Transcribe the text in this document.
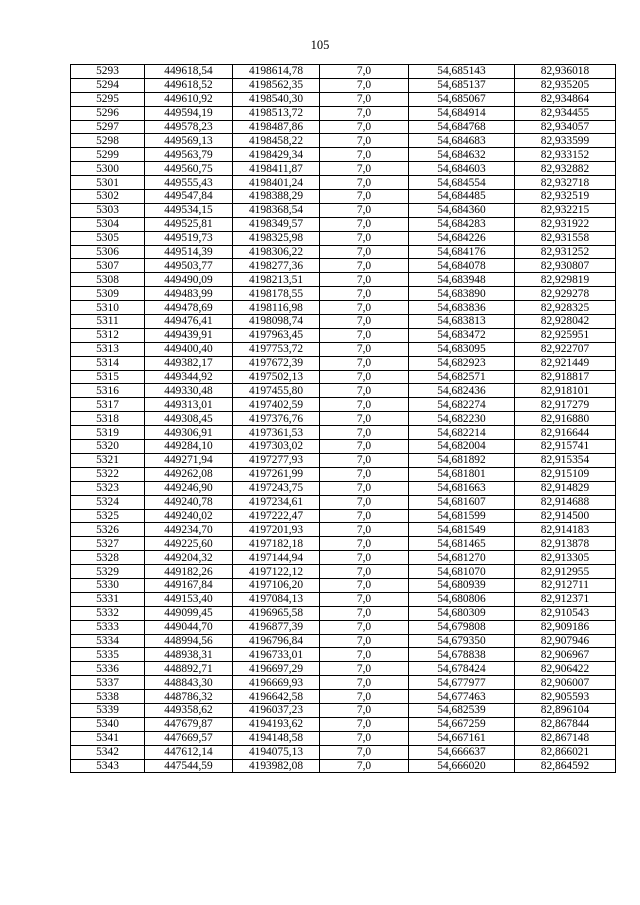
105
5293	449618,54	4198614,78	7,0	54,685143	82,936018
5294	449618,52	4198562,35	7,0	54,685137	82,935205
5295	449610,92	4198540,30	7,0	54,685067	82,934864
5296	449594,19	4198513,72	7,0	54,684914	82,934455
5297	449578,23	4198487,86	7,0	54,684768	82,934057
5298	449569,13	4198458,22	7,0	54,684683	82,933599
5299	449563,79	4198429,34	7,0	54,684632	82,933152
5300	449560,75	4198411,87	7,0	54,684603	82,932882
5301	449555,43	4198401,24	7,0	54,684554	82,932718
5302	449547,84	4198388,29	7,0	54,684485	82,932519
5303	449534,15	4198368,54	7,0	54,684360	82,932215
5304	449525,81	4198349,57	7,0	54,684283	82,931922
5305	449519,73	4198325,98	7,0	54,684226	82,931558
5306	449514,39	4198306,22	7,0	54,684176	82,931252
5307	449503,77	4198277,36	7,0	54,684078	82,930807
5308	449490,09	4198213,51	7,0	54,683948	82,929819
5309	449483,99	4198178,55	7,0	54,683890	82,929278
5310	449478,69	4198116,98	7,0	54,683836	82,928325
5311	449476,41	4198098,74	7,0	54,683813	82,928042
5312	449439,91	4197963,45	7,0	54,683472	82,925951
5313	449400,40	4197753,72	7,0	54,683095	82,922707
5314	449382,17	4197672,39	7,0	54,682923	82,921449
5315	449344,92	4197502,13	7,0	54,682571	82,918817
5316	449330,48	4197455,80	7,0	54,682436	82,918101
5317	449313,01	4197402,59	7,0	54,682274	82,917279
5318	449308,45	4197376,76	7,0	54,682230	82,916880
5319	449306,91	4197361,53	7,0	54,682214	82,916644
5320	449284,10	4197303,02	7,0	54,682004	82,915741
5321	449271,94	4197277,93	7,0	54,681892	82,915354
5322	449262,08	4197261,99	7,0	54,681801	82,915109
5323	449246,90	4197243,75	7,0	54,681663	82,914829
5324	449240,78	4197234,61	7,0	54,681607	82,914688
5325	449240,02	4197222,47	7,0	54,681599	82,914500
5326	449234,70	4197201,93	7,0	54,681549	82,914183
5327	449225,60	4197182,18	7,0	54,681465	82,913878
5328	449204,32	4197144,94	7,0	54,681270	82,913305
5329	449182,26	4197122,12	7,0	54,681070	82,912955
5330	449167,84	4197106,20	7,0	54,680939	82,912711
5331	449153,40	4197084,13	7,0	54,680806	82,912371
5332	449099,45	4196965,58	7,0	54,680309	82,910543
5333	449044,70	4196877,39	7,0	54,679808	82,909186
5334	448994,56	4196796,84	7,0	54,679350	82,907946
5335	448938,31	4196733,01	7,0	54,678838	82,906967
5336	448892,71	4196697,29	7,0	54,678424	82,906422
5337	448843,30	4196669,93	7,0	54,677977	82,906007
5338	448786,32	4196642,58	7,0	54,677463	82,905593
5339	449358,62	4196037,23	7,0	54,682539	82,896104
5340	447679,87	4194193,62	7,0	54,667259	82,867844
5341	447669,57	4194148,58	7,0	54,667161	82,867148
5342	447612,14	4194075,13	7,0	54,666637	82,866021
5343	447544,59	4193982,08	7,0	54,666020	82,864592
